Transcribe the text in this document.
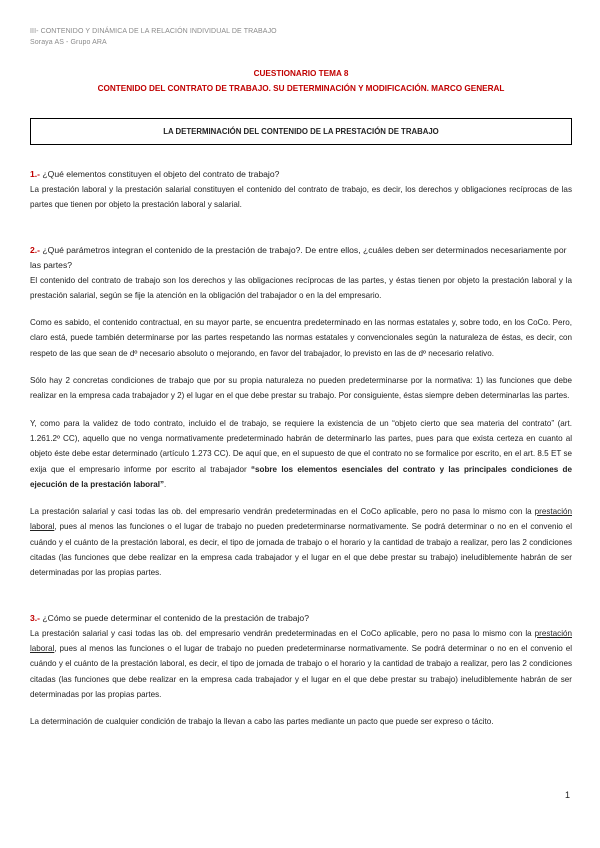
III- CONTENIDO Y DINÁMICA DE LA RELACIÓN INDIVIDUAL DE TRABAJO
Soraya AS - Grupo ARA
CUESTIONARIO TEMA 8
CONTENIDO DEL CONTRATO DE TRABAJO. SU DETERMINACIÓN Y MODIFICACIÓN. MARCO GENERAL
LA DETERMINACIÓN DEL CONTENIDO DE LA PRESTACIÓN DE TRABAJO
1.- ¿Qué elementos constituyen el objeto del contrato de trabajo?

La prestación laboral y la prestación salarial constituyen el contenido del contrato de trabajo, es decir, los derechos y obligaciones recíprocas de las partes que tienen por objeto la prestación laboral y salarial.

2.- ¿Qué parámetros integran el contenido de la prestación de trabajo?. De entre ellos, ¿cuáles deben ser determinados necesariamente por las partes?

El contenido del contrato de trabajo son los derechos y las obligaciones recíprocas de las partes, y éstas tienen por objeto la prestación laboral y la prestación salarial, según se fije la atención en la obligación del trabajador o en la del empresario.

Como es sabido, el contenido contractual, en su mayor parte, se encuentra predeterminado en las normas estatales y, sobre todo, en los CoCo. Pero, claro está, puede también determinarse por las partes respetando las normas estatales y convencionales según la naturaleza de éstas, es decir, con respeto de las que sean de dº necesario absoluto o mejorando, en favor del trabajador, lo previsto en las de dº necesario relativo.

Sólo hay 2 concretas condiciones de trabajo que por su propia naturaleza no pueden predeterminarse por la normativa: 1) las funciones que debe realizar en la empresa cada trabajador y 2) el lugar en el que debe prestar su trabajo. Por consiguiente, éstas siempre deben determinarlas las partes.

Y, como para la validez de todo contrato, incluido el de trabajo, se requiere la existencia de un “objeto cierto que sea materia del contrato” (art. 1.261.2º CC), aquello que no venga normativamente predeterminado habrán de determinarlo las partes, pues para que exista certeza en cuanto al objeto éste debe estar determinado (artículo 1.273 CC). De aquí que, en el supuesto de que el contrato no se formalice por escrito, en el art. 8.5 ET se exija que el empresario informe por escrito al trabajador “sobre los elementos esenciales del contrato y las principales condiciones de ejecución de la prestación laboral”.

La prestación salarial y casi todas las ob. del empresario vendrán predeterminadas en el CoCo aplicable, pero no pasa lo mismo con la prestación laboral, pues al menos las funciones o el lugar de trabajo no pueden predeterminarse normativamente. Se podrá determinar o no en el convenio el cuándo y el cuánto de la prestación laboral, es decir, el tipo de jornada de trabajo o el horario y la cantidad de trabajo a realizar, pero las 2 condiciones citadas (las funciones que debe realizar en la empresa cada trabajador y el lugar en el que debe prestar su trabajo) ineludiblemente habrán de ser determinadas por las propias partes.

3.- ¿Cómo se puede determinar el contenido de la prestación de trabajo?

La prestación salarial y casi todas las ob. del empresario vendrán predeterminadas en el CoCo aplicable, pero no pasa lo mismo con la prestación laboral, pues al menos las funciones o el lugar de trabajo no pueden predeterminarse normativamente. Se podrá determinar o no en el convenio el cuándo y el cuánto de la prestación laboral, es decir, el tipo de jornada de trabajo o el horario y la cantidad de trabajo a realizar, pero las 2 condiciones citadas (las funciones que debe realizar en la empresa cada trabajador y el lugar en el que debe prestar su trabajo) ineludiblemente habrán de ser determinadas por las propias partes.

La determinación de cualquier condición de trabajo la llevan a cabo las partes mediante un pacto que puede ser expreso o tácito.

1
